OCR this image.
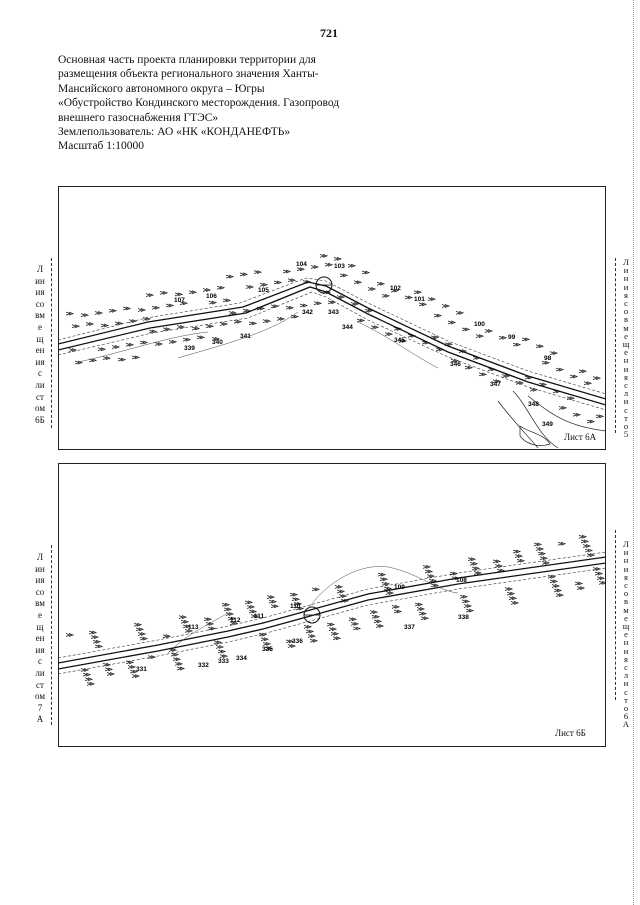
721
Основная часть проекта планировки территории для
размещения объекта регионального значения Ханты-
Мансийского автономного округа – Югры
«Обустройство Кондинского месторождения. Газопровод
внешнего газоснабжения ГТЭС»
Землепользователь: АО «НК «КОНДАНЕФТЬ»
Масштаб 1:10000
Л
ин
ия
со
вм
е
щ
ен
ия
с
ли
ст
ом
6Б
104	103
102
101
100
99
98
105
106
107
339
340
341
342 343
344
345
346
347
348
349
Лист 6А
Л
и
н
и
я
с
о
в
м
е
щ
е
н
и
я
с
л
и
с
т
о
5
Л
ин
ия
со
вм
е
щ
ен
ия
с
ли
ст
ом
7
А
113
112
111
110
109
108
331
332
333 334
335
336
337
338
Лист 6Б
Л
и
н
и
я
с
о
в
м
е
щ
е
н
и
я
с
л
и
с
т
о
6
А
